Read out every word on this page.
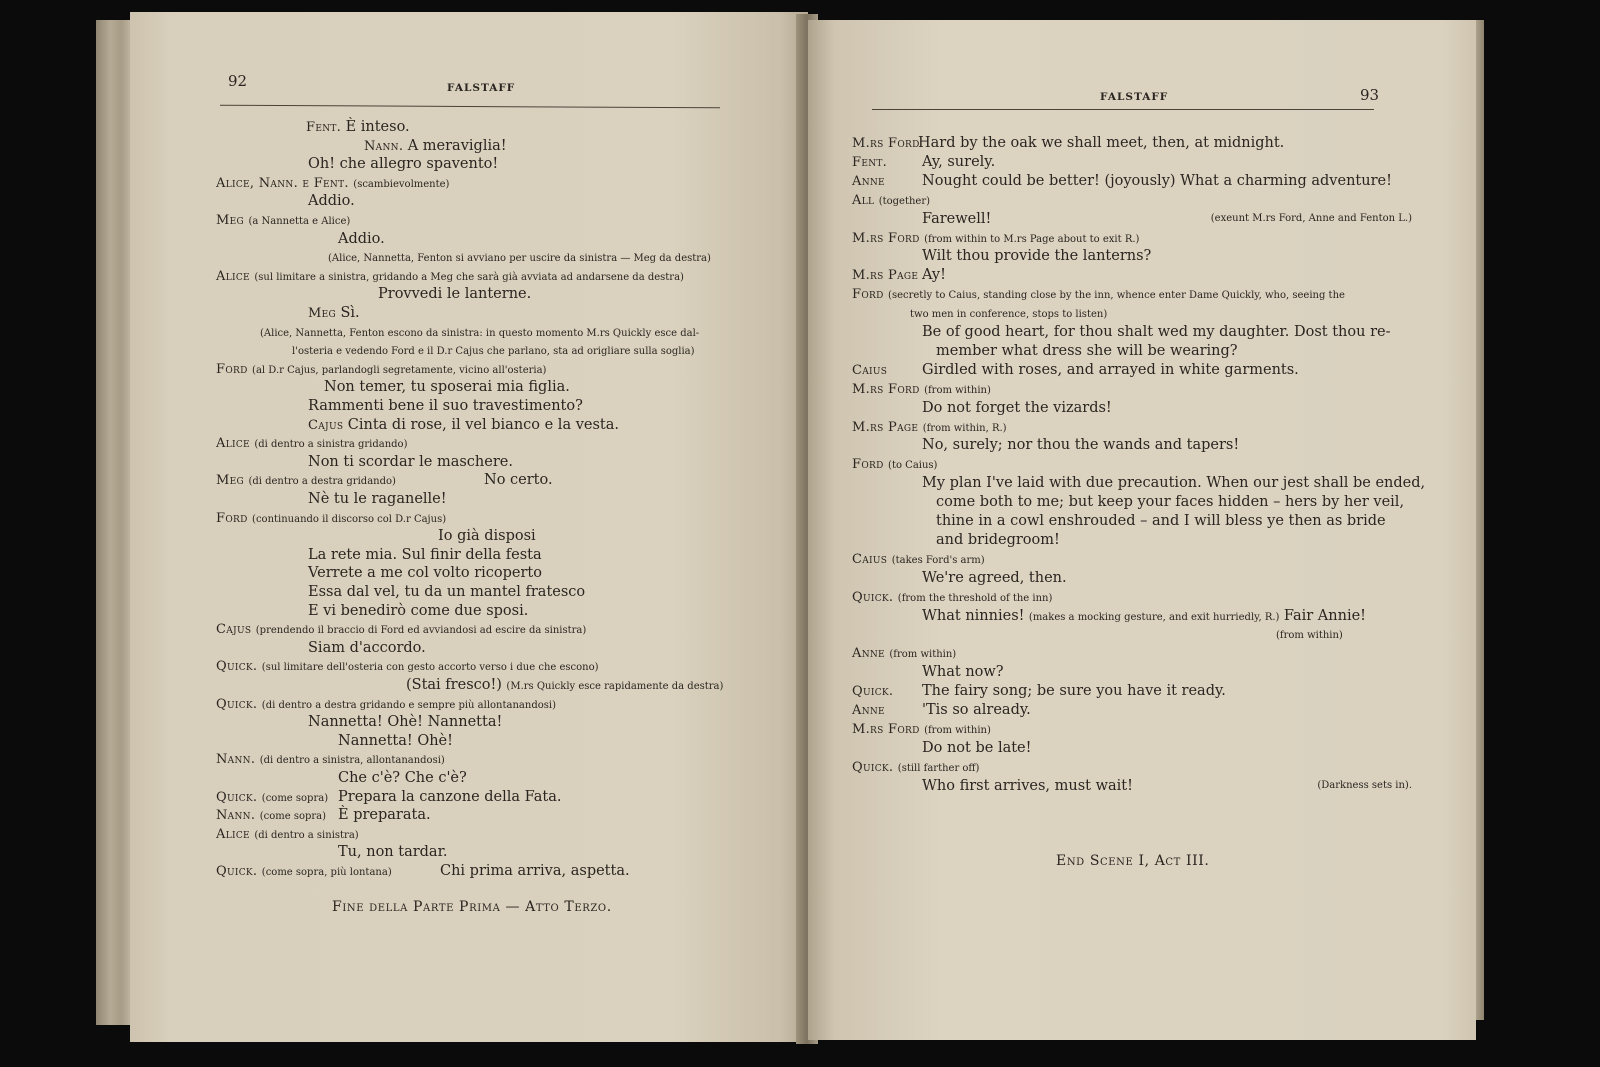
92	FALSTAFF
Fent. È inteso.
Nann. A meraviglia!
Oh! che allegro spavento!
Alice, Nann. e Fent. (scambievolmente)
Addio.
Meg (a Nannetta e Alice)
Addio.
(Alice, Nannetta, Fenton si avviano per uscire da sinistra — Meg da destra)
Alice (sul limitare a sinistra, gridando a Meg che sarà già avviata ad andarsene da destra)
Provvedi le lanterne.
Meg Sì.
(Alice, Nannetta, Fenton escono da sinistra: in questo momento M.rs Quickly esce dal-
l'osteria e vedendo Ford e il D.r Cajus che parlano, sta ad origliare sulla soglia)
Ford (al D.r Cajus, parlandogli segretamente, vicino all'osteria)
Non temer, tu sposerai mia figlia.
Rammenti bene il suo travestimento?
Cajus Cinta di rose, il vel bianco e la vesta.
Alice (di dentro a sinistra gridando)
Non ti scordar le maschere.
Meg (di dentro a destra gridando)	No certo.
Nè tu le raganelle!
Ford (continuando il discorso col D.r Cajus)
Io già disposi
La rete mia. Sul finir della festa
Verrete a me col volto ricoperto
Essa dal vel, tu da un mantel fratesco
E vi benedirò come due sposi.
Cajus (prendendo il braccio di Ford ed avviandosi ad escire da sinistra)
Siam d'accordo.
Quick. (sul limitare dell'osteria con gesto accorto verso i due che escono)
(Stai fresco!) (M.rs Quickly esce rapidamente da destra)
Quick. (di dentro a destra gridando e sempre più allontanandosi)
Nannetta! Ohè! Nannetta!
Nannetta! Ohè!
Nann. (di dentro a sinistra, allontanandosi)
Che c'è? Che c'è?
Quick. (come sopra) Prepara la canzone della Fata.
Nann. (come sopra) È preparata.
Alice (di dentro a sinistra)
Tu, non tardar.
Quick. (come sopra, più lontana)	Chi prima arriva, aspetta.
Fine della Parte Prima — Atto Terzo.
FALSTAFF	93
M.rs Ford
Hard by the oak we shall meet, then, at midnight.
Fent. Ay, surely.
Anne	Nought could be better! (joyously) What a charming adventure!
All (together)
Farewell!	(exeunt M.rs Ford, Anne and Fenton L.)
M.rs Ford (from within to M.rs Page about to exit R.)
Wilt thou provide the lanterns?
M.rs Page Ay!
Ford (secretly to Caius, standing close by the inn, whence enter Dame Quickly, who, seeing the
two men in conference, stops to listen)
Be of good heart, for thou shalt wed my daughter. Dost thou re-
member what dress she will be wearing?
Caius Girdled with roses, and arrayed in white garments.
M.rs Ford (from within)
Do not forget the vizards!
M.rs Page (from within, R.)
No, surely; nor thou the wands and tapers!
Ford (to Caius)
My plan I've laid with due precaution. When our jest shall be ended,
come both to me; but keep your faces hidden – hers by her veil,
thine in a cowl enshrouded – and I will bless ye then as bride
and bridegroom!
Caius (takes Ford's arm)
We're agreed, then.
Quick. (from the threshold of the inn)
What ninnies! (makes a mocking gesture, and exit hurriedly, R.) Fair Annie!
(from within)
Anne (from within)
What now?
Quick. The fairy song; be sure you have it ready.
Anne	'Tis so already.
M.rs Ford (from within)
Do not be late!
Quick. (still farther off)
Who first arrives, must wait!	(Darkness sets in).
End Scene I, Act III.
